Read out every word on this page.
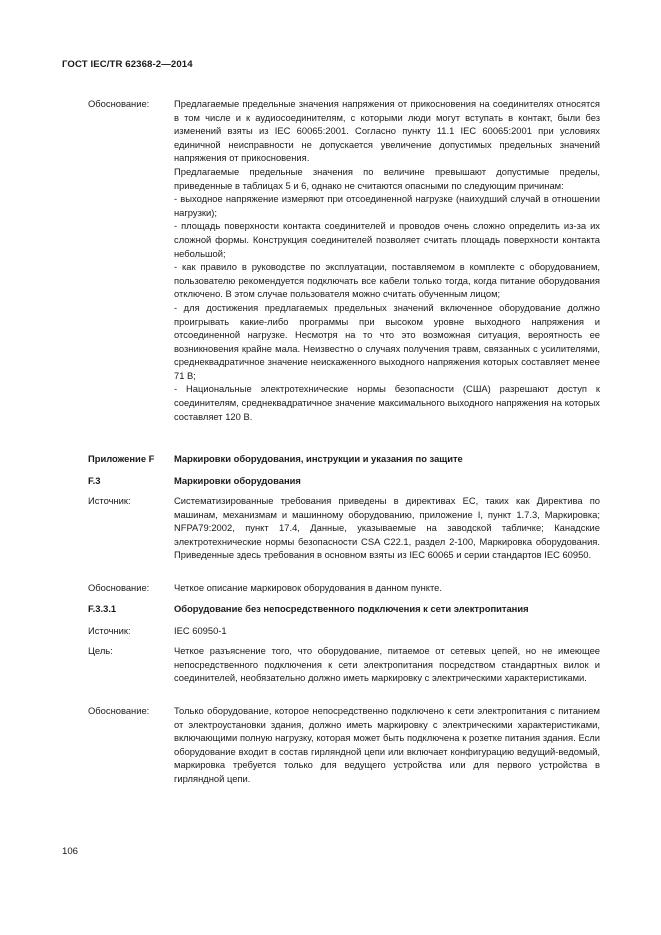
ГОСТ IEC/TR 62368-2—2014
Обоснование:	Предлагаемые предельные значения напряжения от прикосновения на соединителях относятся в том числе и к аудиосоединителям, с которыми люди могут вступать в контакт, были без изменений взяты из IEC 60065:2001. Согласно пункту 11.1 IEC 60065:2001 при условиях единичной неисправности не допускается увеличение допустимых предельных значений напряжения от прикосновения.

Предлагаемые предельные значения по величине превышают допустимые пределы, приведенные в таблицах 5 и 6, однако не считаются опасными по следующим причинам:

- выходное напряжение измеряют при отсоединенной нагрузке (наихудший случай в отношении нагрузки);

- площадь поверхности контакта соединителей и проводов очень сложно определить из-за их сложной формы. Конструкция соединителей позволяет считать площадь поверхности контакта небольшой;

- как правило в руководстве по эксплуатации, поставляемом в комплекте с оборудованием, пользователю рекомендуется подключать все кабели только тогда, когда питание оборудования отключено. В этом случае пользователя можно считать обученным лицом;

- для достижения предлагаемых предельных значений включенное оборудование должно проигрывать какие-либо программы при высоком уровне выходного напряжения и отсоединенной нагрузке. Несмотря на то что это возможная ситуация, вероятность ее возникновения крайне мала. Неизвестно о случаях получения травм, связанных с усилителями, среднеквадратичное значение неискаженного выходного напряжения которых составляет менее 71 В;

- Национальные электротехнические нормы безопасности (США) разрешают доступ к соединителям, среднеквадратичное значение максимального выходного напряжения на которых составляет 120 В.

Приложение F	Маркировки оборудования, инструкции и указания по защите
F.3	Маркировки оборудования
Источник:	Систематизированные требования приведены в директивах ЕС, таких как Директива по машинам, механизмам и машинному оборудованию, приложение I, пункт 1.7.3, Маркировка; NFPA79:2002, пункт 17.4, Данные, указываемые на заводской табличке; Канадские электротехнические нормы безопасности CSA C22.1, раздел 2-100, Маркировка оборудования. Приведенные здесь требования в основном взяты из IEC 60065 и серии стандартов IEC 60950.
Обоснование:	Четкое описание маркировок оборудования в данном пункте.
F.3.3.1	Оборудование без непосредственного подключения к сети электропитания
Источник:	IEC 60950-1
Цель:	Четкое разъяснение того, что оборудование, питаемое от сетевых цепей, но не имеющее непосредственного подключения к сети электропитания посредством стандартных вилок и соединителей, необязательно должно иметь маркировку с электрическими характеристиками.
Обоснование:	Только оборудование, которое непосредственно подключено к сети электропитания с питанием от электроустановки здания, должно иметь маркировку с электрическими характеристиками, включающими полную нагрузку, которая может быть подключена к розетке питания здания. Если оборудование входит в состав гирляндной цепи или включает конфигурацию ведущий-ведомый, маркировка требуется только для ведущего устройства или для первого устройства в гирляндной цепи.
106
